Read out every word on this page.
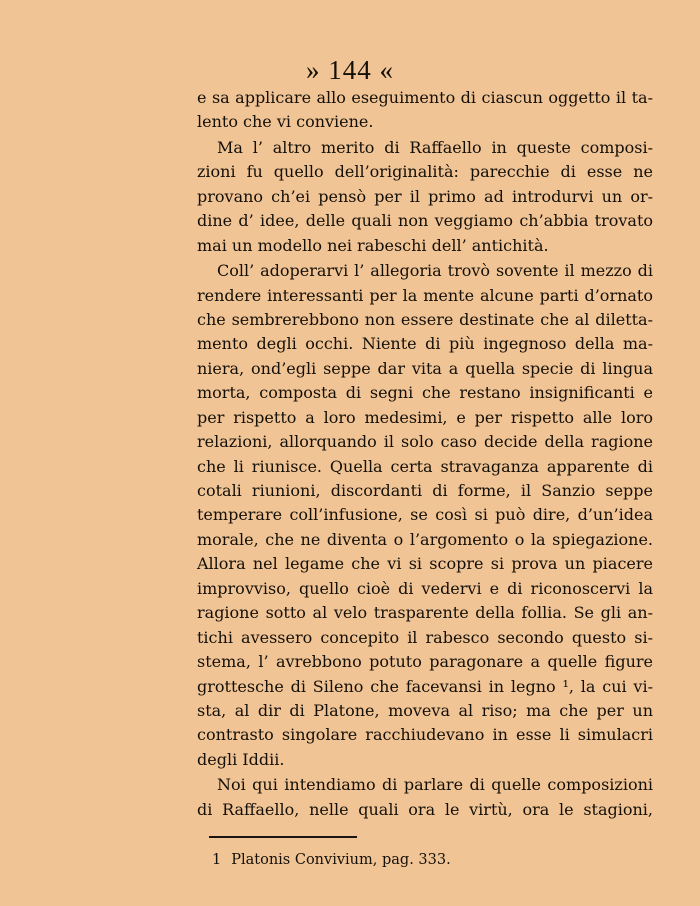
» 144 «
e sa applicare allo eseguimento di ciascun oggetto il ta-
lento che vi conviene.
Ma l’ altro merito di Raffaello in queste composi-
zioni fu quello dell’originalità: parecchie di esse ne
provano ch’ei pensò per il primo ad introdurvi un or-
dine d’ idee, delle quali non veggiamo ch’abbia trovato
mai un modello nei rabeschi dell’ antichità.
Coll’ adoperarvi l’ allegoria trovò sovente il mezzo di
rendere interessanti per la mente alcune parti d’ornato
che sembrerebbono non essere destinate che al diletta-
mento degli occhi. Niente di più ingegnoso della ma-
niera, ond’egli seppe dar vita a quella specie di lingua
morta, composta di segni che restano insignificanti e
per rispetto a loro medesimi, e per rispetto alle loro
relazioni, allorquando il solo caso decide della ragione
che li riunisce. Quella certa stravaganza apparente di
cotali riunioni, discordanti di forme, il Sanzio seppe
temperare coll’infusione, se così si può dire, d’un’idea
morale, che ne diventa o l’argomento o la spiegazione.
Allora nel legame che vi si scopre si prova un piacere
improvviso, quello cioè di vedervi e di riconoscervi la
ragione sotto al velo trasparente della follia. Se gli an-
tichi avessero concepito il rabesco secondo questo si-
stema, l’ avrebbono potuto paragonare a quelle figure
grottesche di Sileno che facevansi in legno ¹, la cui vi-
sta, al dir di Platone, moveva al riso; ma che per un
contrasto singolare racchiudevano in esse li simulacri
degli Iddii.
Noi qui intendiamo di parlare di quelle composizioni
di Raffaello, nelle quali ora le virtù, ora le stagioni,
1 Platonis Convivium, pag. 333.
